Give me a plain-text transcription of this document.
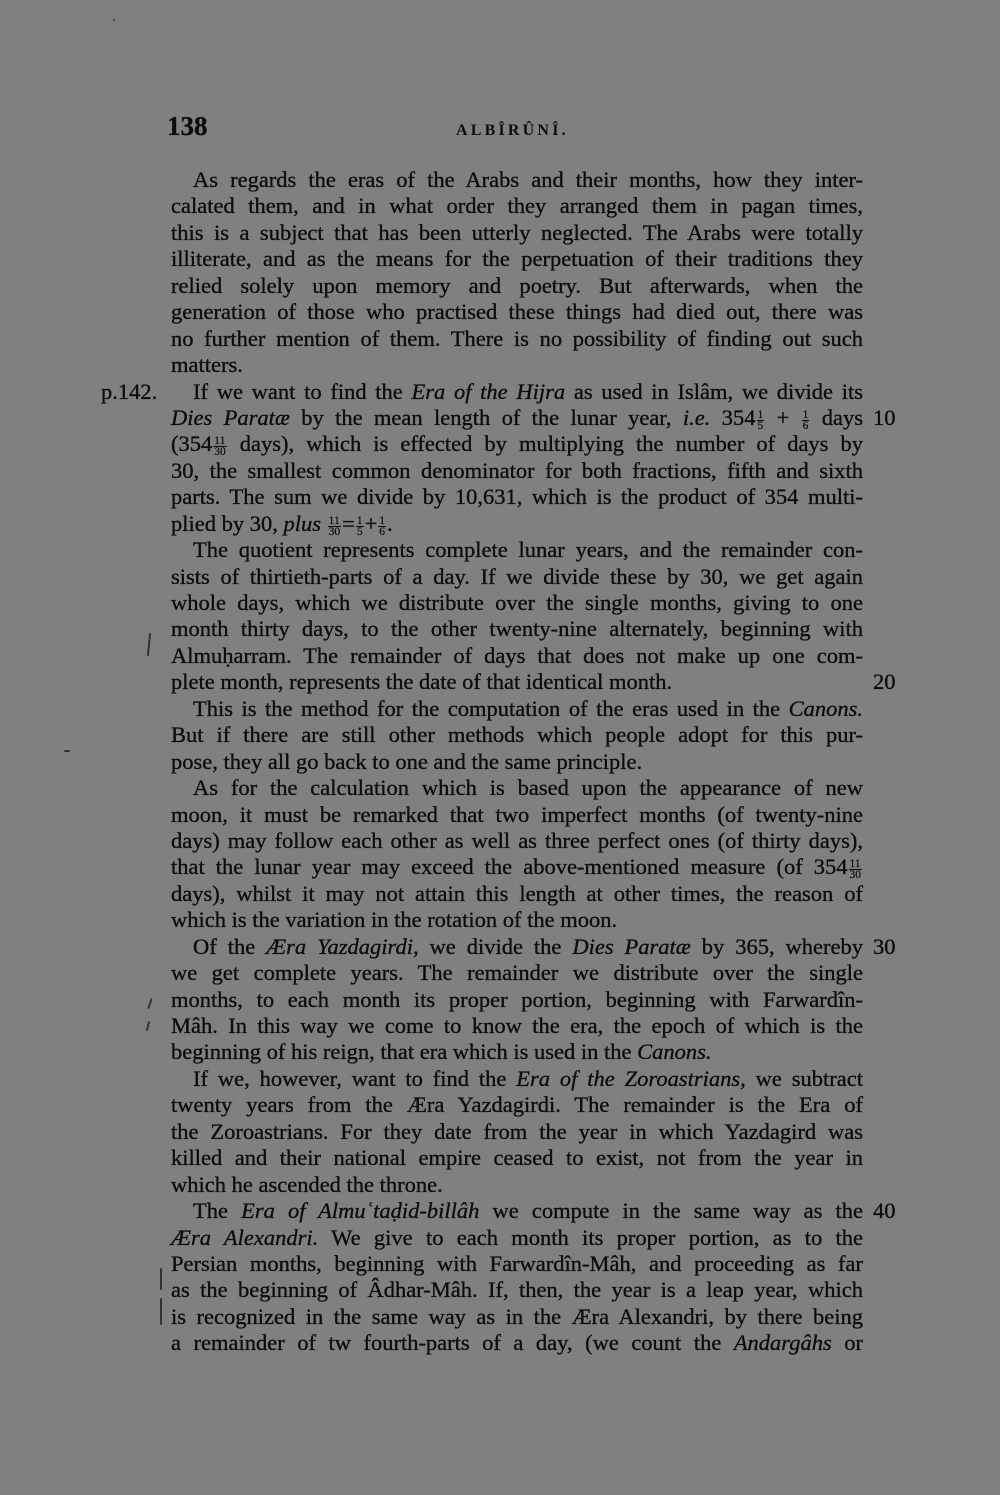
138	ALBÎRÛNÎ.
As regards the eras of the Arabs and their months, how they inter-
calated them, and in what order they arranged them in pagan times,
this is a subject that has been utterly neglected. The Arabs were totally
illiterate, and as the means for the perpetuation of their traditions they
relied solely upon memory and poetry. But afterwards, when the
generation of those who practised these things had died out, there was
no further mention of them. There is no possibility of finding out such
matters.
If we want to find the Era of the Hijra as used in Islâm, we divide its
p.142.
Dies Paratæ by the mean length of the lunar year, i.e. $354 \frac{1}{5} + \frac{1}{6}$ days 10
($354 \frac{11}{30}$ days), which is effected by multiplying the number of days by
30, the smallest common denominator for both fractions, fifth and sixth
parts. The sum we divide by 10,631, which is the product of 354 multi-
plied by 30, plus $\frac{11}{30} = \frac{1}{5} + \frac{1}{6}$ .
The quotient represents complete lunar years, and the remainder con-
sists of thirtieth-parts of a day. If we divide these by 30, we get again
whole days, which we distribute over the single months, giving to one
month thirty days, to the other twenty-nine alternately, beginning with
Almuḥarram. The remainder of days that does not make up one com-
plete month, represents the date of that identical month.	20
This is the method for the computation of the eras used in the Canons.
But if there are still other methods which people adopt for this pur-
pose, they all go back to one and the same principle.
As for the calculation which is based upon the appearance of new
moon, it must be remarked that two imperfect months (of twenty-nine
days) may follow each other as well as three perfect ones (of thirty days),
that the lunar year may exceed the above-mentioned measure (of $354 \frac{11}{30}$
days), whilst it may not attain this length at other times, the reason of
which is the variation in the rotation of the moon.
Of the Æra Yazdagirdi, we divide the Dies Paratæ by 365, whereby 30
we get complete years. The remainder we distribute over the single
months, to each month its proper portion, beginning with Farwardîn-
Mâh. In this way we come to know the era, the epoch of which is the
beginning of his reign, that era which is used in the Canons.
If we, however, want to find the Era of the Zoroastrians, we subtract
twenty years from the Æra Yazdagirdi. The remainder is the Era of
the Zoroastrians. For they date from the year in which Yazdagird was
killed and their national empire ceased to exist, not from the year in
which he ascended the throne.
The Era of Almuʿtaḍid-billâh we compute in the same way as the 40
Æra Alexandri. We give to each month its proper portion, as to the
Persian months, beginning with Farwardîn-Mâh, and proceeding as far
as the beginning of Âdhar-Mâh. If, then, the year is a leap year, which
is recognized in the same way as in the Æra Alexandri, by there being
a remainder of tw fourth-parts of a day, (we count the Andargâhs or
